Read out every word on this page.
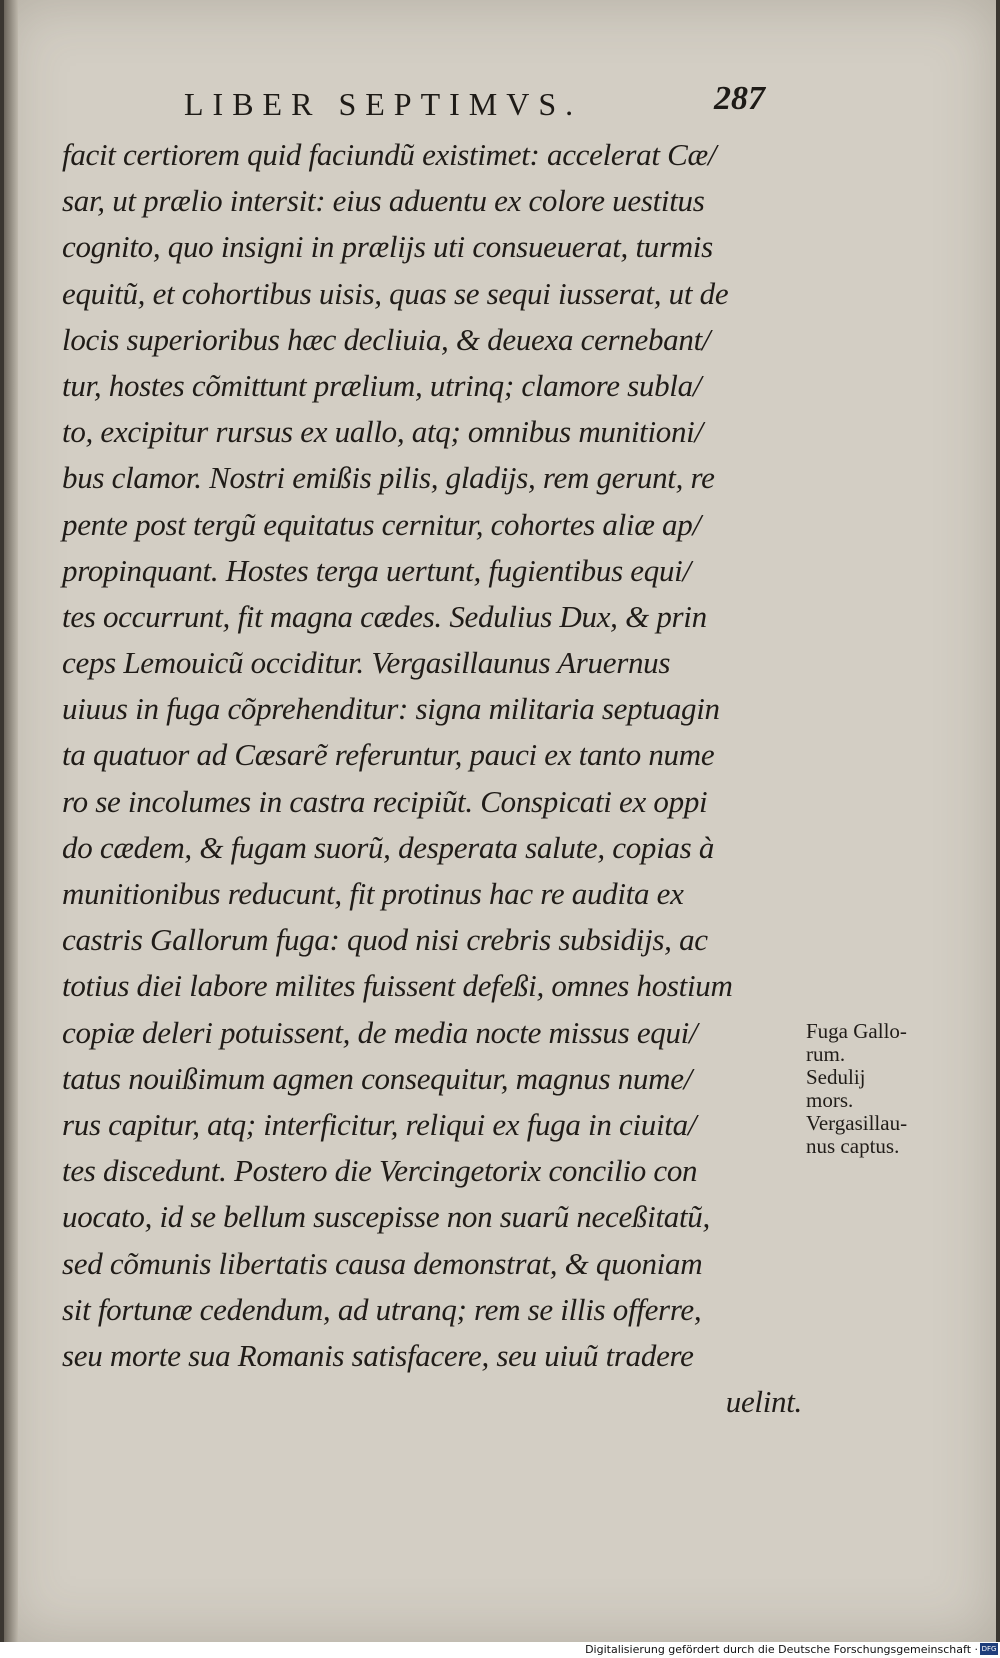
LIBER SEPTIMVS.	287
facit certiorem quid faciundũ existimet: accelerat Cæ/
sar, ut prælio intersit: eius aduentu ex colore uestitus
cognito, quo insigni in prælijs uti consueuerat, turmis
equitũ, et cohortibus uisis, quas se sequi iusserat, ut de
locis superioribus hæc decliuia, & deuexa cernebant/
tur, hostes cõmittunt prælium, utrinq; clamore subla/
to, excipitur rursus ex uallo, atq; omnibus munitioni/
bus clamor. Nostri emißis pilis, gladijs, rem gerunt, re
pente post tergũ equitatus cernitur, cohortes aliæ ap/
propinquant. Hostes terga uertunt, fugientibus equi/
tes occurrunt, fit magna cædes. Sedulius Dux, & prin
ceps Lemouicũ occiditur. Vergasillaunus Aruernus
uiuus in fuga cõprehenditur: signa militaria septuagin
ta quatuor ad Cæsarẽ referuntur, pauci ex tanto nume
ro se incolumes in castra recipiũt. Conspicati ex oppi
do cædem, & fugam suorũ, desperata salute, copias à
munitionibus reducunt, fit protinus hac re audita ex
castris Gallorum fuga: quod nisi crebris subsidijs, ac
totius diei labore milites fuissent defeßi, omnes hostium
copiæ deleri potuissent, de media nocte missus equi/
tatus nouißimum agmen consequitur, magnus nume/
rus capitur, atq; interficitur, reliqui ex fuga in ciuita/
tes discedunt. Postero die Vercingetorix concilio con
uocato, id se bellum suscepisse non suarũ neceßitatũ,
sed cõmunis libertatis causa demonstrat, & quoniam
sit fortunæ cedendum, ad utranq; rem se illis offerre,
seu morte sua Romanis satisfacere, seu uiuũ tradere
uelint.
Fuga Gallo-
rum.
Sedulij
mors.
Vergasillau-
nus captus.
Digitalisierung gefördert durch die Deutsche Forschungsgemeinschaft · DFG
